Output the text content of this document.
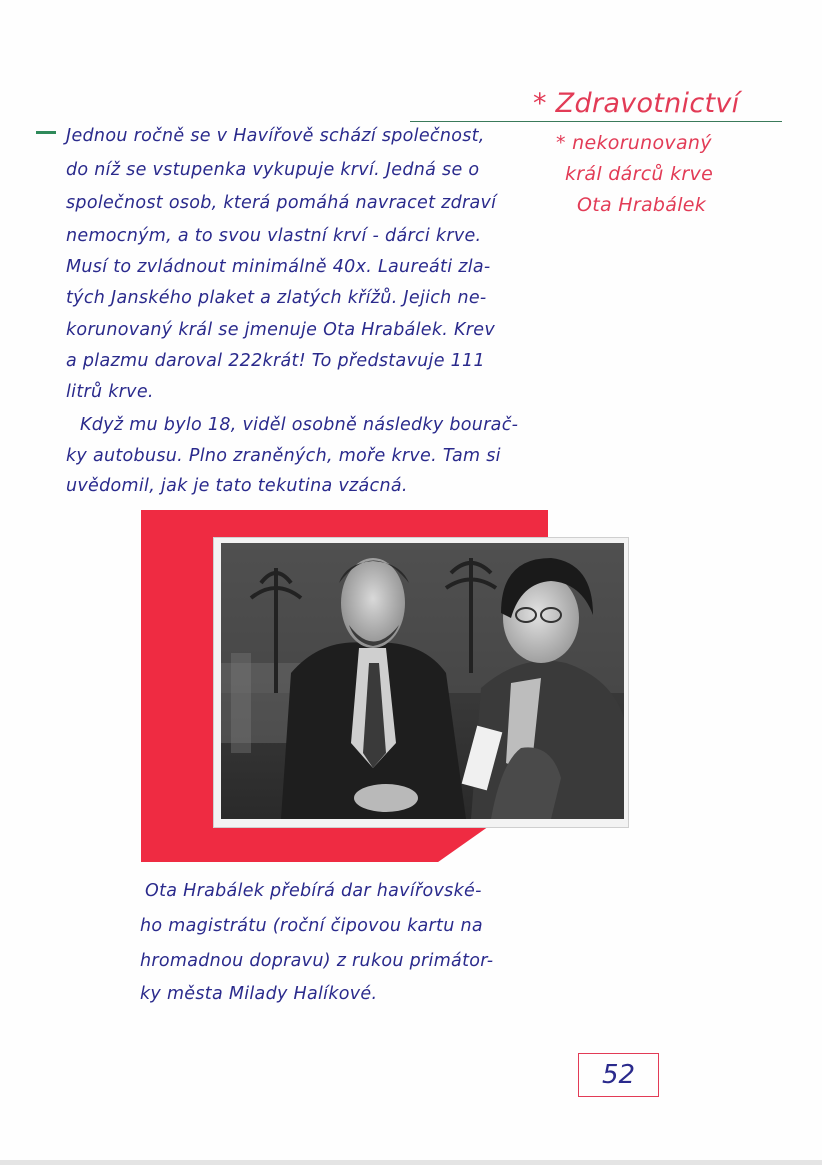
* Zdravotnictví
Jednou ročně se v Havířově schází společnost,
do níž se vstupenka vykupuje krví. Jedná se o
společnost osob, která pomáhá navracet zdraví
nemocným, a to svou vlastní krví - dárci krve.
Musí to zvládnout minimálně 40x. Laureáti zla-
tých Janského plaket a zlatých křížů. Jejich ne-
korunovaný král se jmenuje Ota Hrabálek. Krev
a plazmu daroval 222krát! To představuje 111
litrů krve.
Když mu bylo 18, viděl osobně následky bourač-
ky autobusu. Plno zraněných, moře krve. Tam si
uvědomil, jak je tato tekutina vzácná.
* nekorunovaný
král dárců krve
Ota Hrabálek
Ota Hrabálek přebírá dar havířovské-
ho magistrátu (roční čipovou kartu na
hromadnou dopravu) z rukou primátor-
ky města Milady Halíkové.
52
